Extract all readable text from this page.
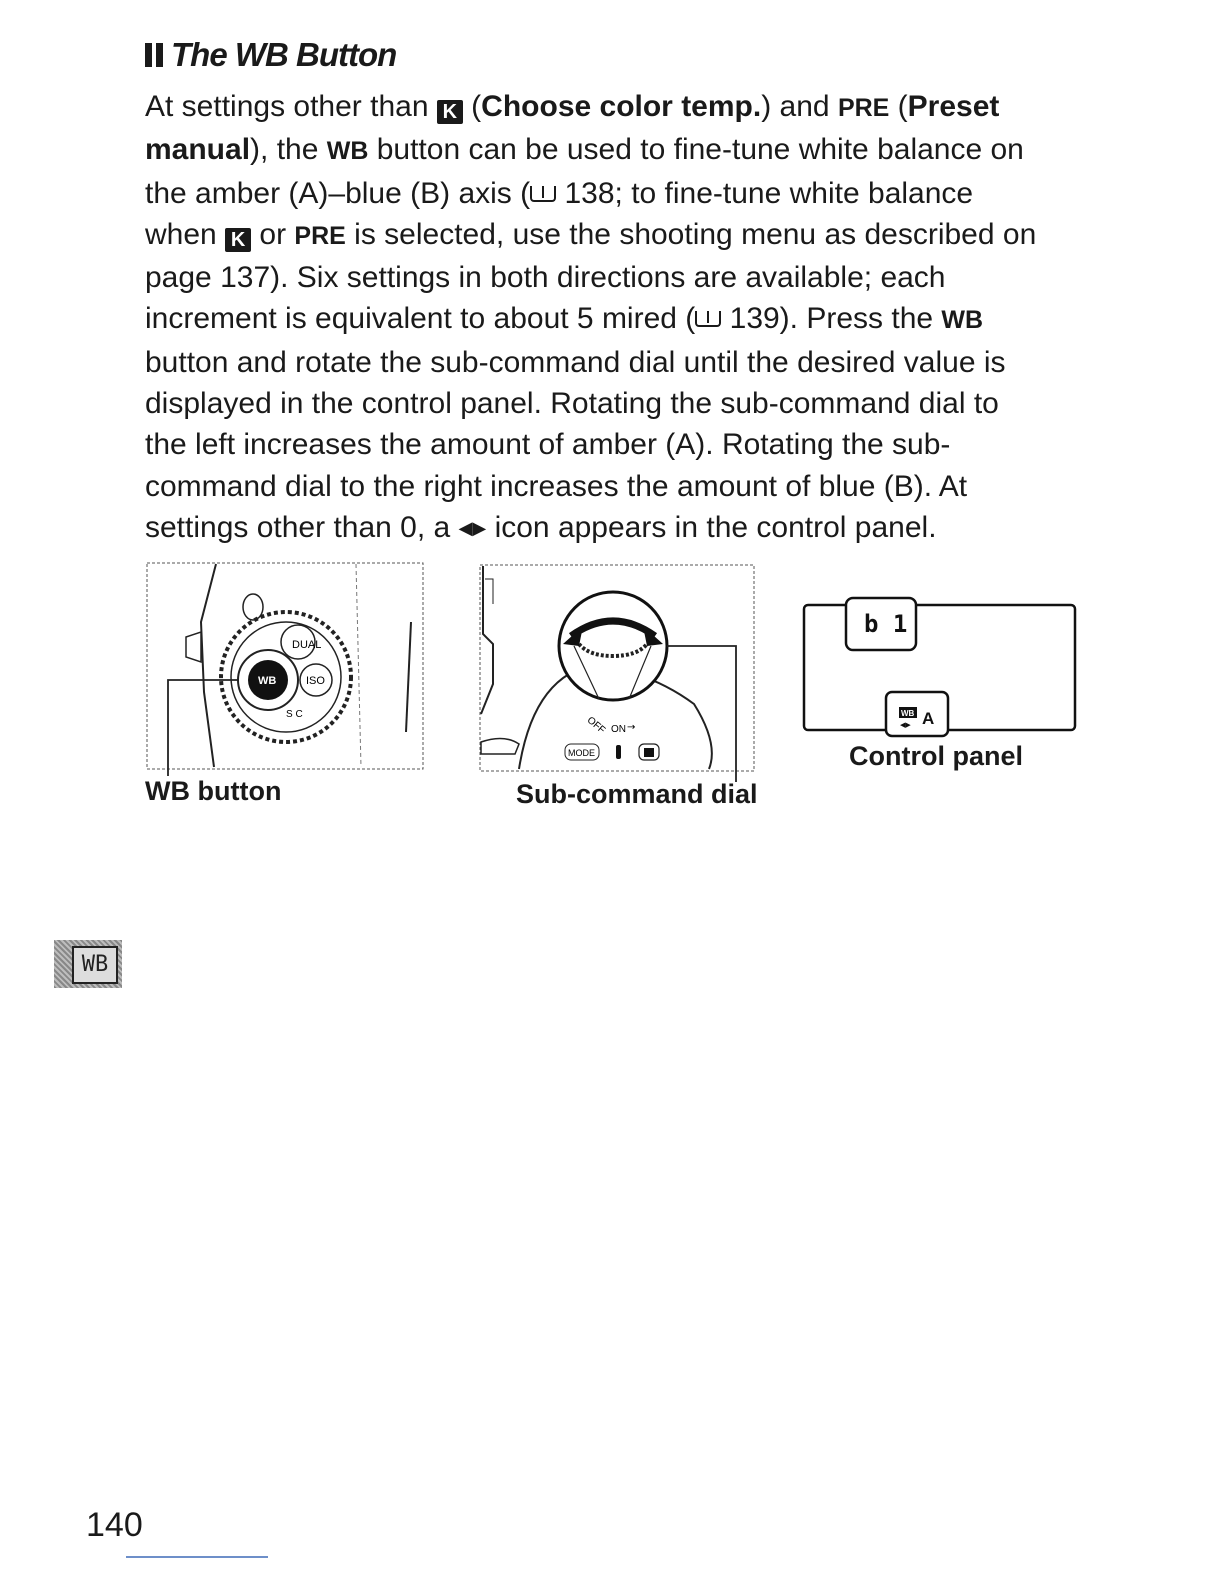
The WB Button
At settings other than K (Choose color temp.) and PRE (Preset
manual), the WB button can be used to fine-tune white balance on
the amber (A)–blue (B) axis ( 138; to fine-tune white balance
when K or PRE is selected, use the shooting menu as described on
page 137). Six settings in both directions are available; each
increment is equivalent to about 5 mired ( 139). Press the WB
button and rotate the sub-command dial until the desired value is
displayed in the control panel. Rotating the sub-command dial to
the left increases the amount of amber (A). Rotating the sub-
command dial to the right increases the amount of blue (B). At
settings other than 0, a ◀▶ icon appears in the control panel.
DUAL
ISO
WB
S C
WB button
OFF ON →
MODE
Sub-command dial
b 1
WB
◀▶ A
Control panel
WB
140
